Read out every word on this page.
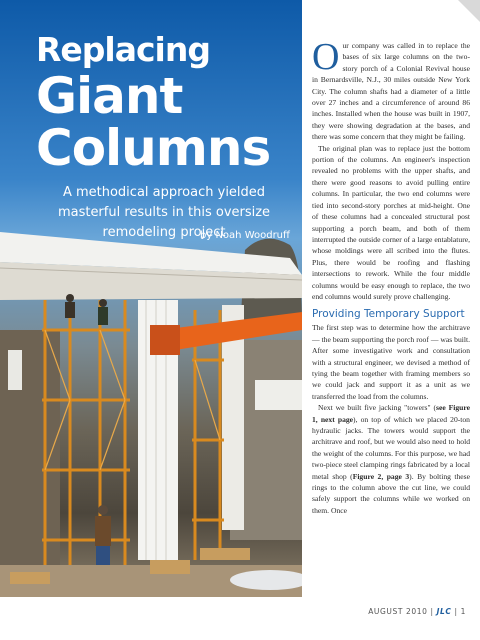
Replacing
Giant
Columns

A methodical approach yielded masterful results in this oversize remodeling project

by Noah Woodruff

Our company was called in to replace the bases of six large columns on the two-story porch of a Colonial Revival house in Bernardsville, N.J., 30 miles outside New York City. The column shafts had a diameter of a little over 27 inches and a circumference of around 86 inches. Installed when the house was built in 1907, they were showing degradation at the bases, and there was some concern that they might be failing.

The original plan was to replace just the bottom portion of the columns. An engineer's inspection revealed no problems with the upper shafts, and there were good reasons to avoid pulling entire columns. In particular, the two end columns were tied into second-story porches at mid-height. One of these columns had a concealed structural post supporting a porch beam, and both of them interrupted the outside corner of a large entablature, whose moldings were all scribed into the flutes. Plus, there would be roofing and flashing intersections to rework. While the four middle columns would be easy enough to replace, the two end columns would surely prove challenging.

Providing Temporary Support

The first step was to determine how the architrave — the beam supporting the porch roof — was built. After some investigative work and consultation with a structural engineer, we devised a method of tying the beam together with framing members so we could jack and support it as a unit as we transferred the load from the columns.

Next we built five jacking "towers" (see Figure 1, next page), on top of which we placed 20-ton hydraulic jacks. The towers would support the architrave and roof, but we would also need to hold the weight of the columns. For this purpose, we had two-piece steel clamping rings fabricated by a local metal shop (Figure 2, page 3). By bolting these rings to the column above the cut line, we could safely support the columns while we worked on them. Once

AUGUST 2010 | JLC | 1
